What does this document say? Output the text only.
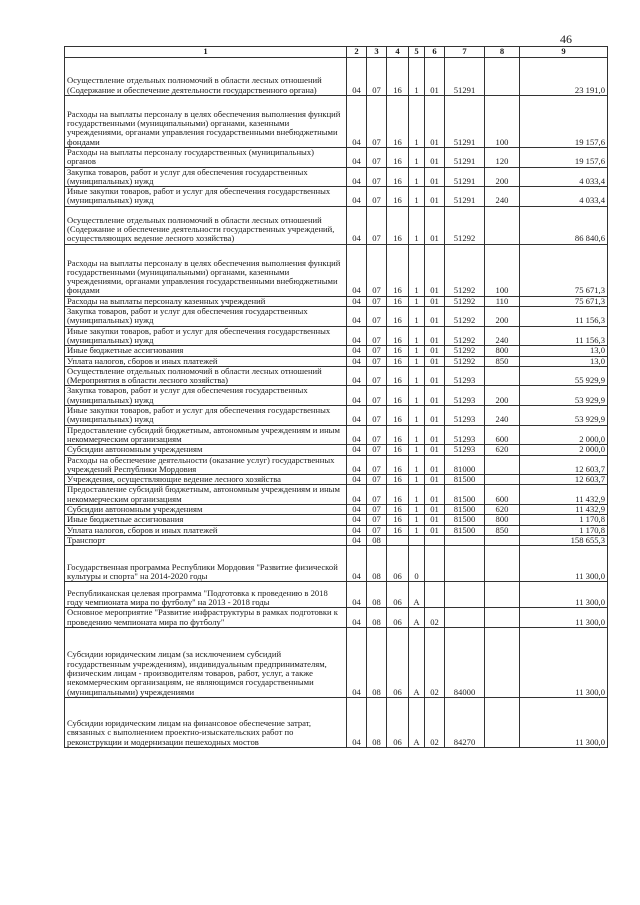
46
1	2	3	4	5	6	7	8	9
Осуществление отдельных полномочий в области лесных отношений (Содержание и обеспечение деятельности государственного органа)	04	07	16	1	01	51291		23 191,0
Расходы на выплаты персоналу в целях обеспечения выполнения функций государственными (муниципальными) органами, казенными учреждениями, органами управления государственными внебюджетными фондами	04	07	16	1	01	51291	100	19 157,6
Расходы на выплаты персоналу государственных (муниципальных) органов	04	07	16	1	01	51291	120	19 157,6
Закупка товаров, работ и услуг для обеспечения государственных (муниципальных) нужд	04	07	16	1	01	51291	200	4 033,4
Иные закупки товаров, работ и услуг для обеспечения государственных (муниципальных) нужд	04	07	16	1	01	51291	240	4 033,4
Осуществление отдельных полномочий в области лесных отношений (Содержание и обеспечение деятельности государственных учреждений, осуществляющих ведение лесного хозяйства)	04	07	16	1	01	51292		86 840,6
Расходы на выплаты персоналу в целях обеспечения выполнения функций государственными (муниципальными) органами, казенными учреждениями, органами управления государственными внебюджетными фондами	04	07	16	1	01	51292	100	75 671,3
Расходы на выплаты персоналу казенных учреждений	04	07	16	1	01	51292	110	75 671,3
Закупка товаров, работ и услуг для обеспечения государственных (муниципальных) нужд	04	07	16	1	01	51292	200	11 156,3
Иные закупки товаров, работ и услуг для обеспечения государственных (муниципальных) нужд	04	07	16	1	01	51292	240	11 156,3
Иные бюджетные ассигнования	04	07	16	1	01	51292	800	13,0
Уплата налогов, сборов и иных платежей	04	07	16	1	01	51292	850	13,0
Осуществление отдельных полномочий в области лесных отношений (Мероприятия в области лесного хозяйства)	04	07	16	1	01	51293		55 929,9
Закупка товаров, работ и услуг для обеспечения государственных (муниципальных) нужд	04	07	16	1	01	51293	200	53 929,9
Иные закупки товаров, работ и услуг для обеспечения государственных (муниципальных) нужд	04	07	16	1	01	51293	240	53 929,9
Предоставление субсидий бюджетным, автономным учреждениям и иным некоммерческим организациям	04	07	16	1	01	51293	600	2 000,0
Субсидии автономным учреждениям	04	07	16	1	01	51293	620	2 000,0
Расходы на обеспечение деятельности (оказание услуг) государственных учреждений Республики Мордовия	04	07	16	1	01	81000		12 603,7
Учреждения, осуществляющие ведение лесного хозяйства	04	07	16	1	01	81500		12 603,7
Предоставление субсидий бюджетным, автономным учреждениям и иным некоммерческим организациям	04	07	16	1	01	81500	600	11 432,9
Субсидии автономным учреждениям	04	07	16	1	01	81500	620	11 432,9
Иные бюджетные ассигнования	04	07	16	1	01	81500	800	1 170,8
Уплата налогов, сборов и иных платежей	04	07	16	1	01	81500	850	1 170,8
Транспорт	04	08						158 655,3
Государственная программа Республики Мордовия "Развитие физической культуры и спорта" на 2014-2020 годы	04	08	06	0				11 300,0
Республиканская целевая программа "Подготовка к проведению в 2018 году чемпионата мира по футболу" на 2013 - 2018 годы	04	08	06	А				11 300,0
Основное мероприятие "Развитие инфраструктуры в рамках подготовки к проведению чемпионата мира по футболу"	04	08	06	А	02			11 300,0
Субсидии юридическим лицам (за исключением субсидий государственным учреждениям), индивидуальным предпринимателям, физическим лицам - производителям товаров, работ, услуг, а также некоммерческим организациям, не являющимся государственными (муниципальными) учреждениями	04	08	06	А	02	84000		11 300,0
Субсидии юридическим лицам на финансовое обеспечение затрат, связанных с выполнением проектно-изыскательских работ по реконструкции и модернизации пешеходных мостов	04	08	06	А	02	84270		11 300,0
